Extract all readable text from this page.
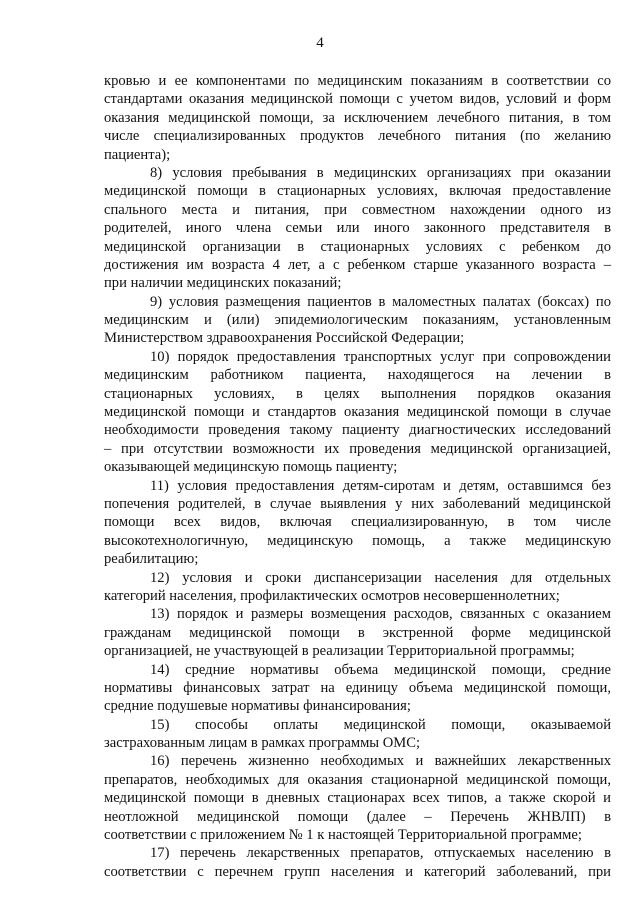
4
кровью и ее компонентами по медицинским показаниям в соответствии со
стандартами оказания медицинской помощи с учетом видов, условий и форм
оказания медицинской помощи, за исключением лечебного питания, в том
числе специализированных продуктов лечебного питания (по желанию
пациента);
8) условия пребывания в медицинских организациях при оказании
медицинской помощи в стационарных условиях, включая предоставление
спального места и питания, при совместном нахождении одного из
родителей, иного члена семьи или иного законного представителя в
медицинской организации в стационарных условиях с ребенком до
достижения им возраста 4 лет, а с ребенком старше указанного возраста –
при наличии медицинских показаний;
9) условия размещения пациентов в маломестных палатах (боксах) по
медицинским и (или) эпидемиологическим показаниям, установленным
Министерством здравоохранения Российской Федерации;
10) порядок предоставления транспортных услуг при сопровождении
медицинским работником пациента, находящегося на лечении в
стационарных условиях, в целях выполнения порядков оказания
медицинской помощи и стандартов оказания медицинской помощи в случае
необходимости проведения такому пациенту диагностических исследований
– при отсутствии возможности их проведения медицинской организацией,
оказывающей медицинскую помощь пациенту;
11) условия предоставления детям-сиротам и детям, оставшимся без
попечения родителей, в случае выявления у них заболеваний медицинской
помощи всех видов, включая специализированную, в том числе
высокотехнологичную, медицинскую помощь, а также медицинскую
реабилитацию;
12) условия и сроки диспансеризации населения для отдельных
категорий населения, профилактических осмотров несовершеннолетних;
13) порядок и размеры возмещения расходов, связанных с оказанием
гражданам медицинской помощи в экстренной форме медицинской
организацией, не участвующей в реализации Территориальной программы;
14) средние нормативы объема медицинской помощи, средние
нормативы финансовых затрат на единицу объема медицинской помощи,
средние подушевые нормативы финансирования;
15) способы оплаты медицинской помощи, оказываемой
застрахованным лицам в рамках программы ОМС;
16) перечень жизненно необходимых и важнейших лекарственных
препаратов, необходимых для оказания стационарной медицинской помощи,
медицинской помощи в дневных стационарах всех типов, а также скорой и
неотложной медицинской помощи (далее – Перечень ЖНВЛП) в
соответствии с приложением № 1 к настоящей Территориальной программе;
17) перечень лекарственных препаратов, отпускаемых населению в
соответствии с перечнем групп населения и категорий заболеваний, при
